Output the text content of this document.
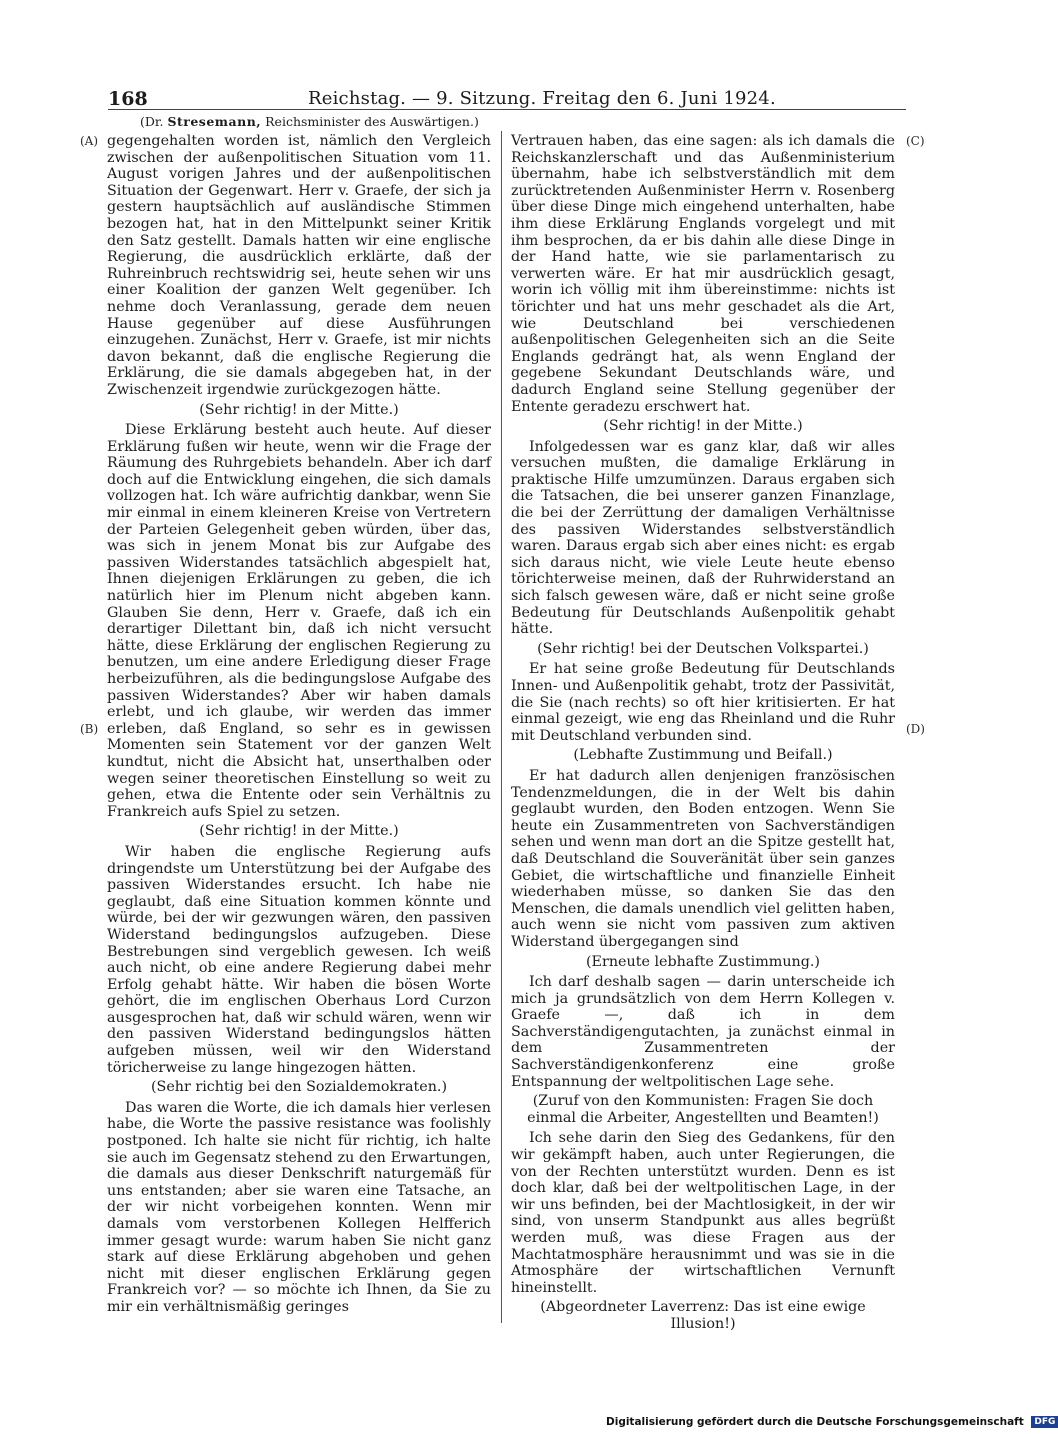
168	Reichstag. — 9. Sitzung. Freitag den 6. Juni 1924.
(Dr. Stresemann, Reichsminister des Auswärtigen.)
(A)
(B)
(C)
(D)

gegengehalten worden ist, nämlich den Vergleich zwischen der außenpolitischen Situation vom 11. August vorigen Jahres und der außenpolitischen Situation der Gegenwart. Herr v. Graefe, der sich ja gestern hauptsächlich auf ausländische Stimmen bezogen hat, hat in den Mittelpunkt seiner Kritik den Satz gestellt. Damals hatten wir eine englische Regierung, die ausdrücklich erklärte, daß der Ruhreinbruch rechtswidrig sei, heute sehen wir uns einer Koalition der ganzen Welt gegenüber. Ich nehme doch Veranlassung, gerade dem neuen Hause gegenüber auf diese Ausführungen einzugehen. Zunächst, Herr v. Graefe, ist mir nichts davon bekannt, daß die englische Regierung die Erklärung, die sie damals abgegeben hat, in der Zwischenzeit irgendwie zurückgezogen hätte.

(Sehr richtig! in der Mitte.)

Diese Erklärung besteht auch heute. Auf dieser Erklärung fußen wir heute, wenn wir die Frage der Räumung des Ruhrgebiets behandeln. Aber ich darf doch auf die Entwicklung eingehen, die sich damals vollzogen hat. Ich wäre aufrichtig dankbar, wenn Sie mir einmal in einem kleineren Kreise von Vertretern der Parteien Gelegenheit geben würden, über das, was sich in jenem Monat bis zur Aufgabe des passiven Widerstandes tatsächlich abgespielt hat, Ihnen diejenigen Erklärungen zu geben, die ich natürlich hier im Plenum nicht abgeben kann. Glauben Sie denn, Herr v. Graefe, daß ich ein derartiger Dilettant bin, daß ich nicht versucht hätte, diese Erklärung der englischen Regierung zu benutzen, um eine andere Erledigung dieser Frage herbeizuführen, als die bedingungslose Aufgabe des passiven Widerstandes? Aber wir haben damals erlebt, und ich glaube, wir werden das immer erleben, daß England, so sehr es in gewissen Momenten sein Statement vor der ganzen Welt kundtut, nicht die Absicht hat, unserthalben oder wegen seiner theoretischen Einstellung so weit zu gehen, etwa die Entente oder sein Verhältnis zu Frankreich aufs Spiel zu setzen.

(Sehr richtig! in der Mitte.)

Wir haben die englische Regierung aufs dringendste um Unterstützung bei der Aufgabe des passiven Widerstandes ersucht. Ich habe nie geglaubt, daß eine Situation kommen könnte und würde, bei der wir gezwungen wären, den passiven Widerstand bedingungslos aufzugeben. Diese Bestrebungen sind vergeblich gewesen. Ich weiß auch nicht, ob eine andere Regierung dabei mehr Erfolg gehabt hätte. Wir haben die bösen Worte gehört, die im englischen Oberhaus Lord Curzon ausgesprochen hat, daß wir schuld wären, wenn wir den passiven Widerstand bedingungslos hätten aufgeben müssen, weil wir den Widerstand töricherweise zu lange hingezogen hätten.

(Sehr richtig bei den Sozialdemokraten.)

Das waren die Worte, die ich damals hier verlesen habe, die Worte the passive resistance was foolishly postponed. Ich halte sie nicht für richtig, ich halte sie auch im Gegensatz stehend zu den Erwartungen, die damals aus dieser Denkschrift naturgemäß für uns entstanden; aber sie waren eine Tatsache, an der wir nicht vorbeigehen konnten. Wenn mir damals vom verstorbenen Kollegen Helfferich immer gesagt wurde: warum haben Sie nicht ganz stark auf diese Erklärung abgehoben und gehen nicht mit dieser englischen Erklärung gegen Frankreich vor? — so möchte ich Ihnen, da Sie zu mir ein verhältnismäßig geringes

Vertrauen haben, das eine sagen: als ich damals die Reichskanzlerschaft und das Außenministerium übernahm, habe ich selbstverständlich mit dem zurücktretenden Außenminister Herrn v. Rosenberg über diese Dinge mich eingehend unterhalten, habe ihm diese Erklärung Englands vorgelegt und mit ihm besprochen, da er bis dahin alle diese Dinge in der Hand hatte, wie sie parlamentarisch zu verwerten wäre. Er hat mir ausdrücklich gesagt, worin ich völlig mit ihm übereinstimme: nichts ist törichter und hat uns mehr geschadet als die Art, wie Deutschland bei verschiedenen außenpolitischen Gelegenheiten sich an die Seite Englands gedrängt hat, als wenn England der gegebene Sekundant Deutschlands wäre, und dadurch England seine Stellung gegenüber der Entente geradezu erschwert hat.

(Sehr richtig! in der Mitte.)

Infolgedessen war es ganz klar, daß wir alles versuchen mußten, die damalige Erklärung in praktische Hilfe umzumünzen. Daraus ergaben sich die Tatsachen, die bei unserer ganzen Finanzlage, die bei der Zerrüttung der damaligen Verhältnisse des passiven Widerstandes selbstverständlich waren. Daraus ergab sich aber eines nicht: es ergab sich daraus nicht, wie viele Leute heute ebenso törichterweise meinen, daß der Ruhrwiderstand an sich falsch gewesen wäre, daß er nicht seine große Bedeutung für Deutschlands Außenpolitik gehabt hätte.

(Sehr richtig! bei der Deutschen Volkspartei.)

Er hat seine große Bedeutung für Deutschlands Innen- und Außenpolitik gehabt, trotz der Passivität, die Sie (nach rechts) so oft hier kritisierten. Er hat einmal gezeigt, wie eng das Rheinland und die Ruhr mit Deutschland verbunden sind.

(Lebhafte Zustimmung und Beifall.)

Er hat dadurch allen denjenigen französischen Tendenzmeldungen, die in der Welt bis dahin geglaubt wurden, den Boden entzogen. Wenn Sie heute ein Zusammentreten von Sachverständigen sehen und wenn man dort an die Spitze gestellt hat, daß Deutschland die Souveränität über sein ganzes Gebiet, die wirtschaftliche und finanzielle Einheit wiederhaben müsse, so danken Sie das den Menschen, die damals unendlich viel gelitten haben, auch wenn sie nicht vom passiven zum aktiven Widerstand übergegangen sind

(Erneute lebhafte Zustimmung.)

Ich darf deshalb sagen — darin unterscheide ich mich ja grundsätzlich von dem Herrn Kollegen v. Graefe —, daß ich in dem Sachverständigengutachten, ja zunächst einmal in dem Zusammentreten der Sachverständigenkonferenz eine große Entspannung der weltpolitischen Lage sehe.

(Zuruf von den Kommunisten: Fragen Sie doch einmal die Arbeiter, Angestellten und Beamten!)

Ich sehe darin den Sieg des Gedankens, für den wir gekämpft haben, auch unter Regierungen, die von der Rechten unterstützt wurden. Denn es ist doch klar, daß bei der weltpolitischen Lage, in der wir uns befinden, bei der Machtlosigkeit, in der wir sind, von unserm Standpunkt aus alles begrüßt werden muß, was diese Fragen aus der Machtatmosphäre herausnimmt und was sie in die Atmosphäre der wirtschaftlichen Vernunft hineinstellt.

(Abgeordneter Laverrenz: Das ist eine ewige Illusion!)

Digitalisierung gefördert durch die Deutsche Forschungsgemeinschaft DFG
